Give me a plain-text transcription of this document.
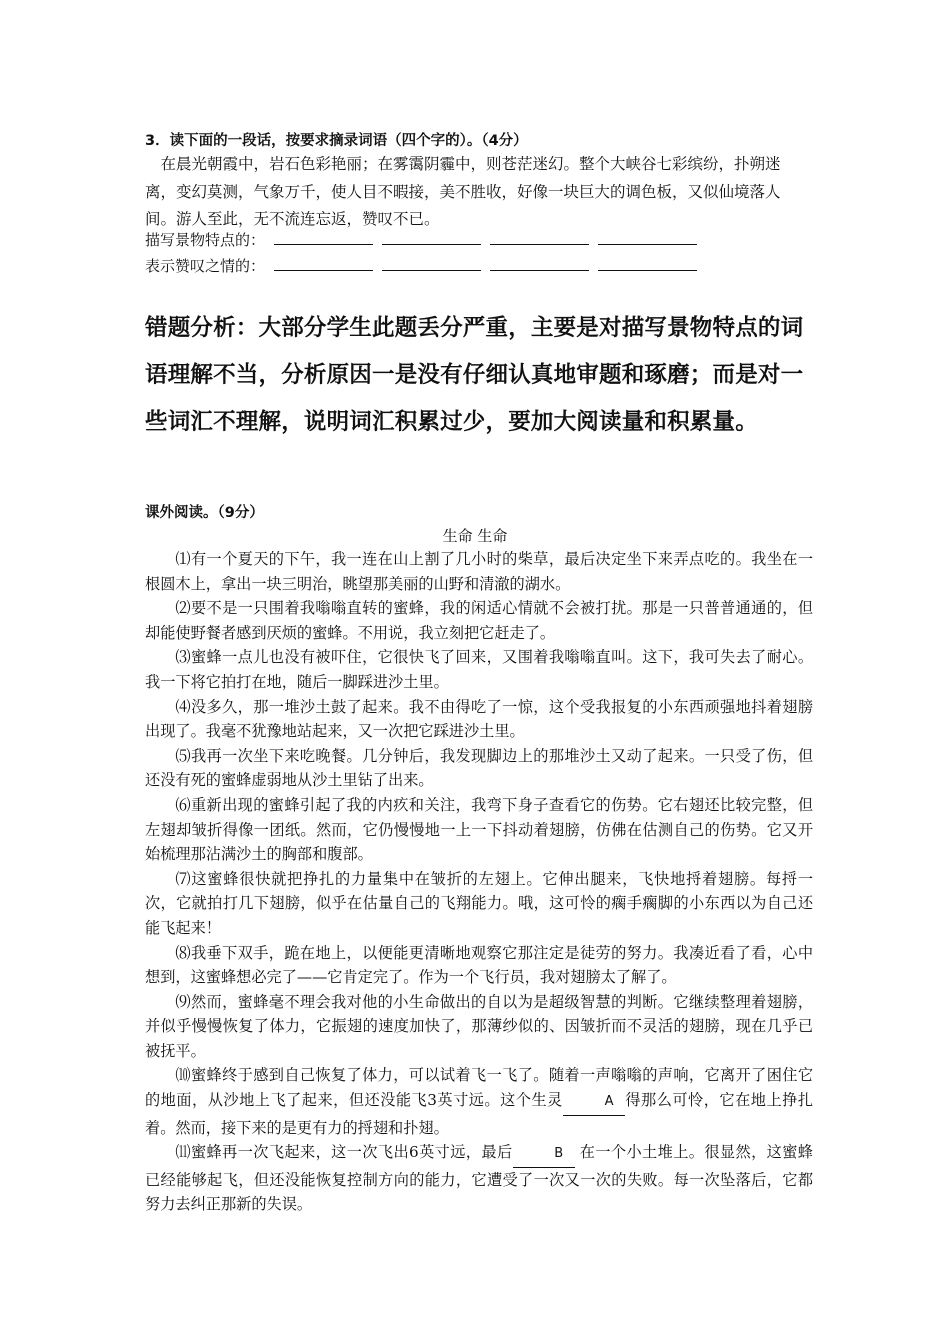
3．读下面的一段话，按要求摘录词语（四个字的）。（4分）
在晨光朝霞中，岩石色彩艳丽；在雾霭阴霾中，则苍茫迷幻。整个大峡谷七彩缤纷，扑朔迷离，变幻莫测，气象万千，使人目不暇接，美不胜收，好像一块巨大的调色板，又似仙境落人间。游人至此，无不流连忘返，赞叹不已。
描写景物特点的：
表示赞叹之情的：
错题分析：大部分学生此题丢分严重，主要是对描写景物特点的词语理解不当，分析原因一是没有仔细认真地审题和琢磨；而是对一些词汇不理解，说明词汇积累过少，要加大阅读量和积累量。
课外阅读。（9分）
生命 生命

⑴有一个夏天的下午，我一连在山上割了几小时的柴草，最后决定坐下来弄点吃的。我坐在一根圆木上，拿出一块三明治，眺望那美丽的山野和清澈的湖水。

⑵要不是一只围着我嗡嗡直转的蜜蜂，我的闲适心情就不会被打扰。那是一只普普通通的，但却能使野餐者感到厌烦的蜜蜂。不用说，我立刻把它赶走了。

⑶蜜蜂一点儿也没有被吓住，它很快飞了回来，又围着我嗡嗡直叫。这下，我可失去了耐心。我一下将它拍打在地，随后一脚踩进沙土里。

⑷没多久，那一堆沙土鼓了起来。我不由得吃了一惊，这个受我报复的小东西顽强地抖着翅膀出现了。我毫不犹豫地站起来，又一次把它踩进沙土里。

⑸我再一次坐下来吃晚餐。几分钟后，我发现脚边上的那堆沙土又动了起来。一只受了伤，但还没有死的蜜蜂虚弱地从沙土里钻了出来。

⑹重新出现的蜜蜂引起了我的内疚和关注，我弯下身子查看它的伤势。它右翅还比较完整，但左翅却皱折得像一团纸。然而，它仍慢慢地一上一下抖动着翅膀，仿佛在估测自己的伤势。它又开始梳理那沾满沙土的胸部和腹部。

⑺这蜜蜂很快就把挣扎的力量集中在皱折的左翅上。它伸出腿来，飞快地捋着翅膀。每捋一次，它就拍打几下翅膀，似乎在估量自己的飞翔能力。哦，这可怜的瘸手瘸脚的小东西以为自己还能飞起来！

⑻我垂下双手，跪在地上，以便能更清晰地观察它那注定是徒劳的努力。我凑近看了看，心中想到，这蜜蜂想必完了——它肯定完了。作为一个飞行员，我对翅膀太了解了。

⑼然而，蜜蜂毫不理会我对他的小生命做出的自以为是超级智慧的判断。它继续整理着翅膀，并似乎慢慢恢复了体力，它振翅的速度加快了，那薄纱似的、因皱折而不灵活的翅膀，现在几乎已被抚平。

⑽蜜蜂终于感到自己恢复了体力，可以试着飞一飞了。随着一声嗡嗡的声响，它离开了困住它的地面，从沙地上飞了起来，但还没能飞3英寸远。这个生灵	A 得那么可怜，它在地上挣扎着。然而，接下来的是更有力的捋翅和扑翅。

⑾蜜蜂再一次飞起来，这一次飞出6英寸远，最后	B 在一个小土堆上。很显然，这蜜蜂已经能够起飞，但还没能恢复控制方向的能力，它遭受了一次又一次的失败。每一次坠落后，它都努力去纠正那新的失误。
